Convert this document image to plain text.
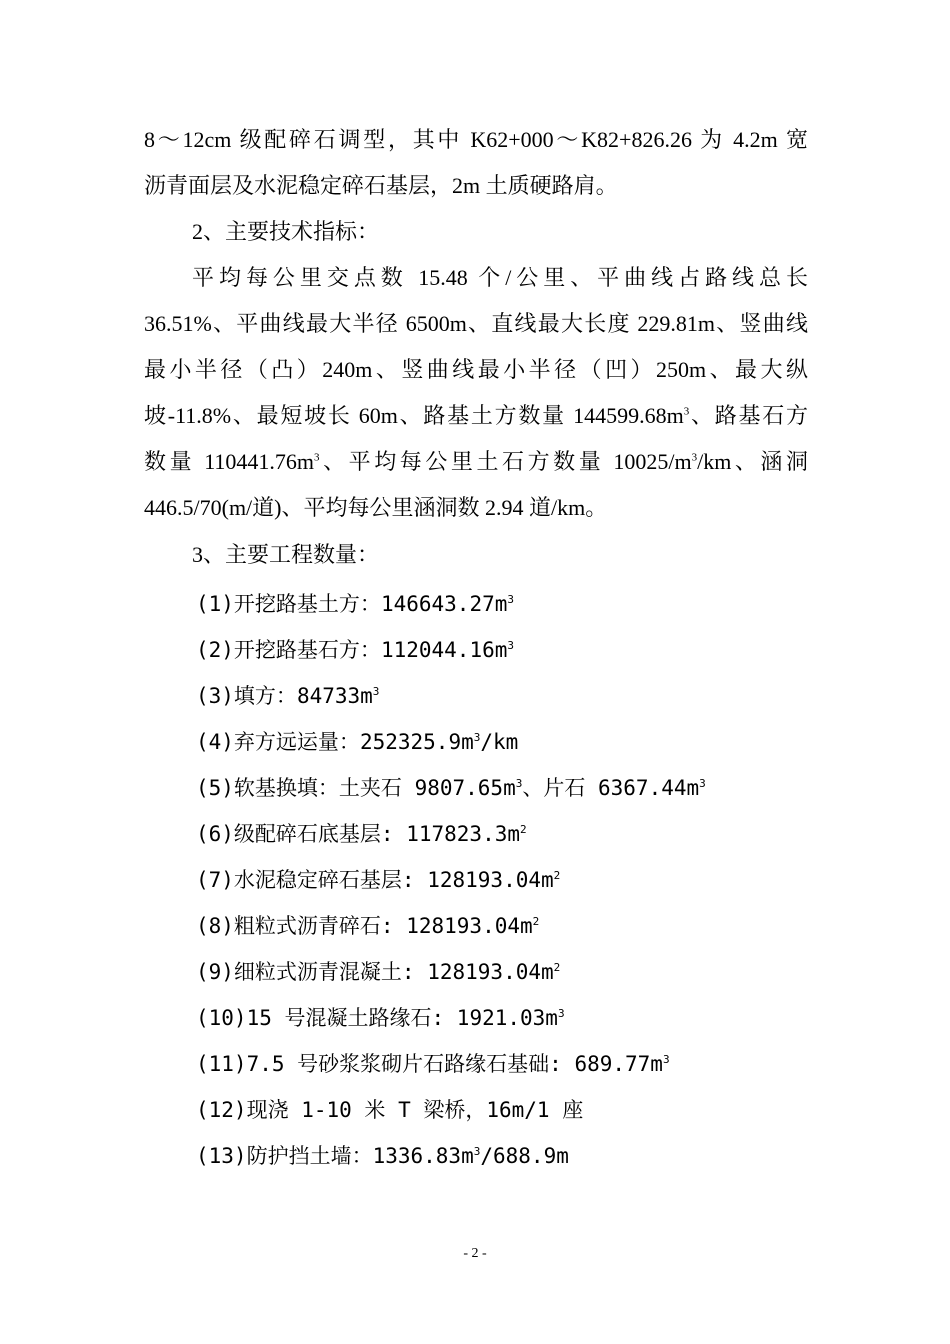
8～12cm 级配碎石调型，其中 K62+000～K82+826.26 为 4.2m 宽
沥青面层及水泥稳定碎石基层，2m 土质硬路肩。
2、主要技术指标：
平均每公里交点数 15.48 个/公里、平曲线占路线总长
36.51%、平曲线最大半径 6500m、直线最大长度 229.81m、竖曲线
最小半径（凸）240m、竖曲线最小半径（凹）250m、最大纵
坡-11.8%、最短坡长 60m、路基土方数量 $144599.68m^3$、路基石方
数量 $110441.76m^3$、平均每公里土石方数量 $10025/m^3/km$、涵洞
446.5/70(m/道)、平均每公里涵洞数 2.94 道/km。
3、主要工程数量：
(1)开挖路基土方：$146643.27m^3$
(2)开挖路基石方：$112044.16m^3$
(3)填方：$84733m^3$
(4)弃方远运量：$252325.9m^3/km$
(5)软基换填：土夹石 $9807.65m^3$、片石 $6367.44m^3$
(6)级配碎石底基层: $117823.3m^2$
(7)水泥稳定碎石基层: $128193.04m^2$
(8)粗粒式沥青碎石: $128193.04m^2$
(9)细粒式沥青混凝土: $128193.04m^2$
(10)15 号混凝土路缘石: $1921.03m^3$
(11)7.5 号砂浆浆砌片石路缘石基础: $689.77m^3$
(12)现浇 1-10 米 T 梁桥，16m/1 座
(13)防护挡土墙：$1336.83m^3/688.9m$
- 2 -
